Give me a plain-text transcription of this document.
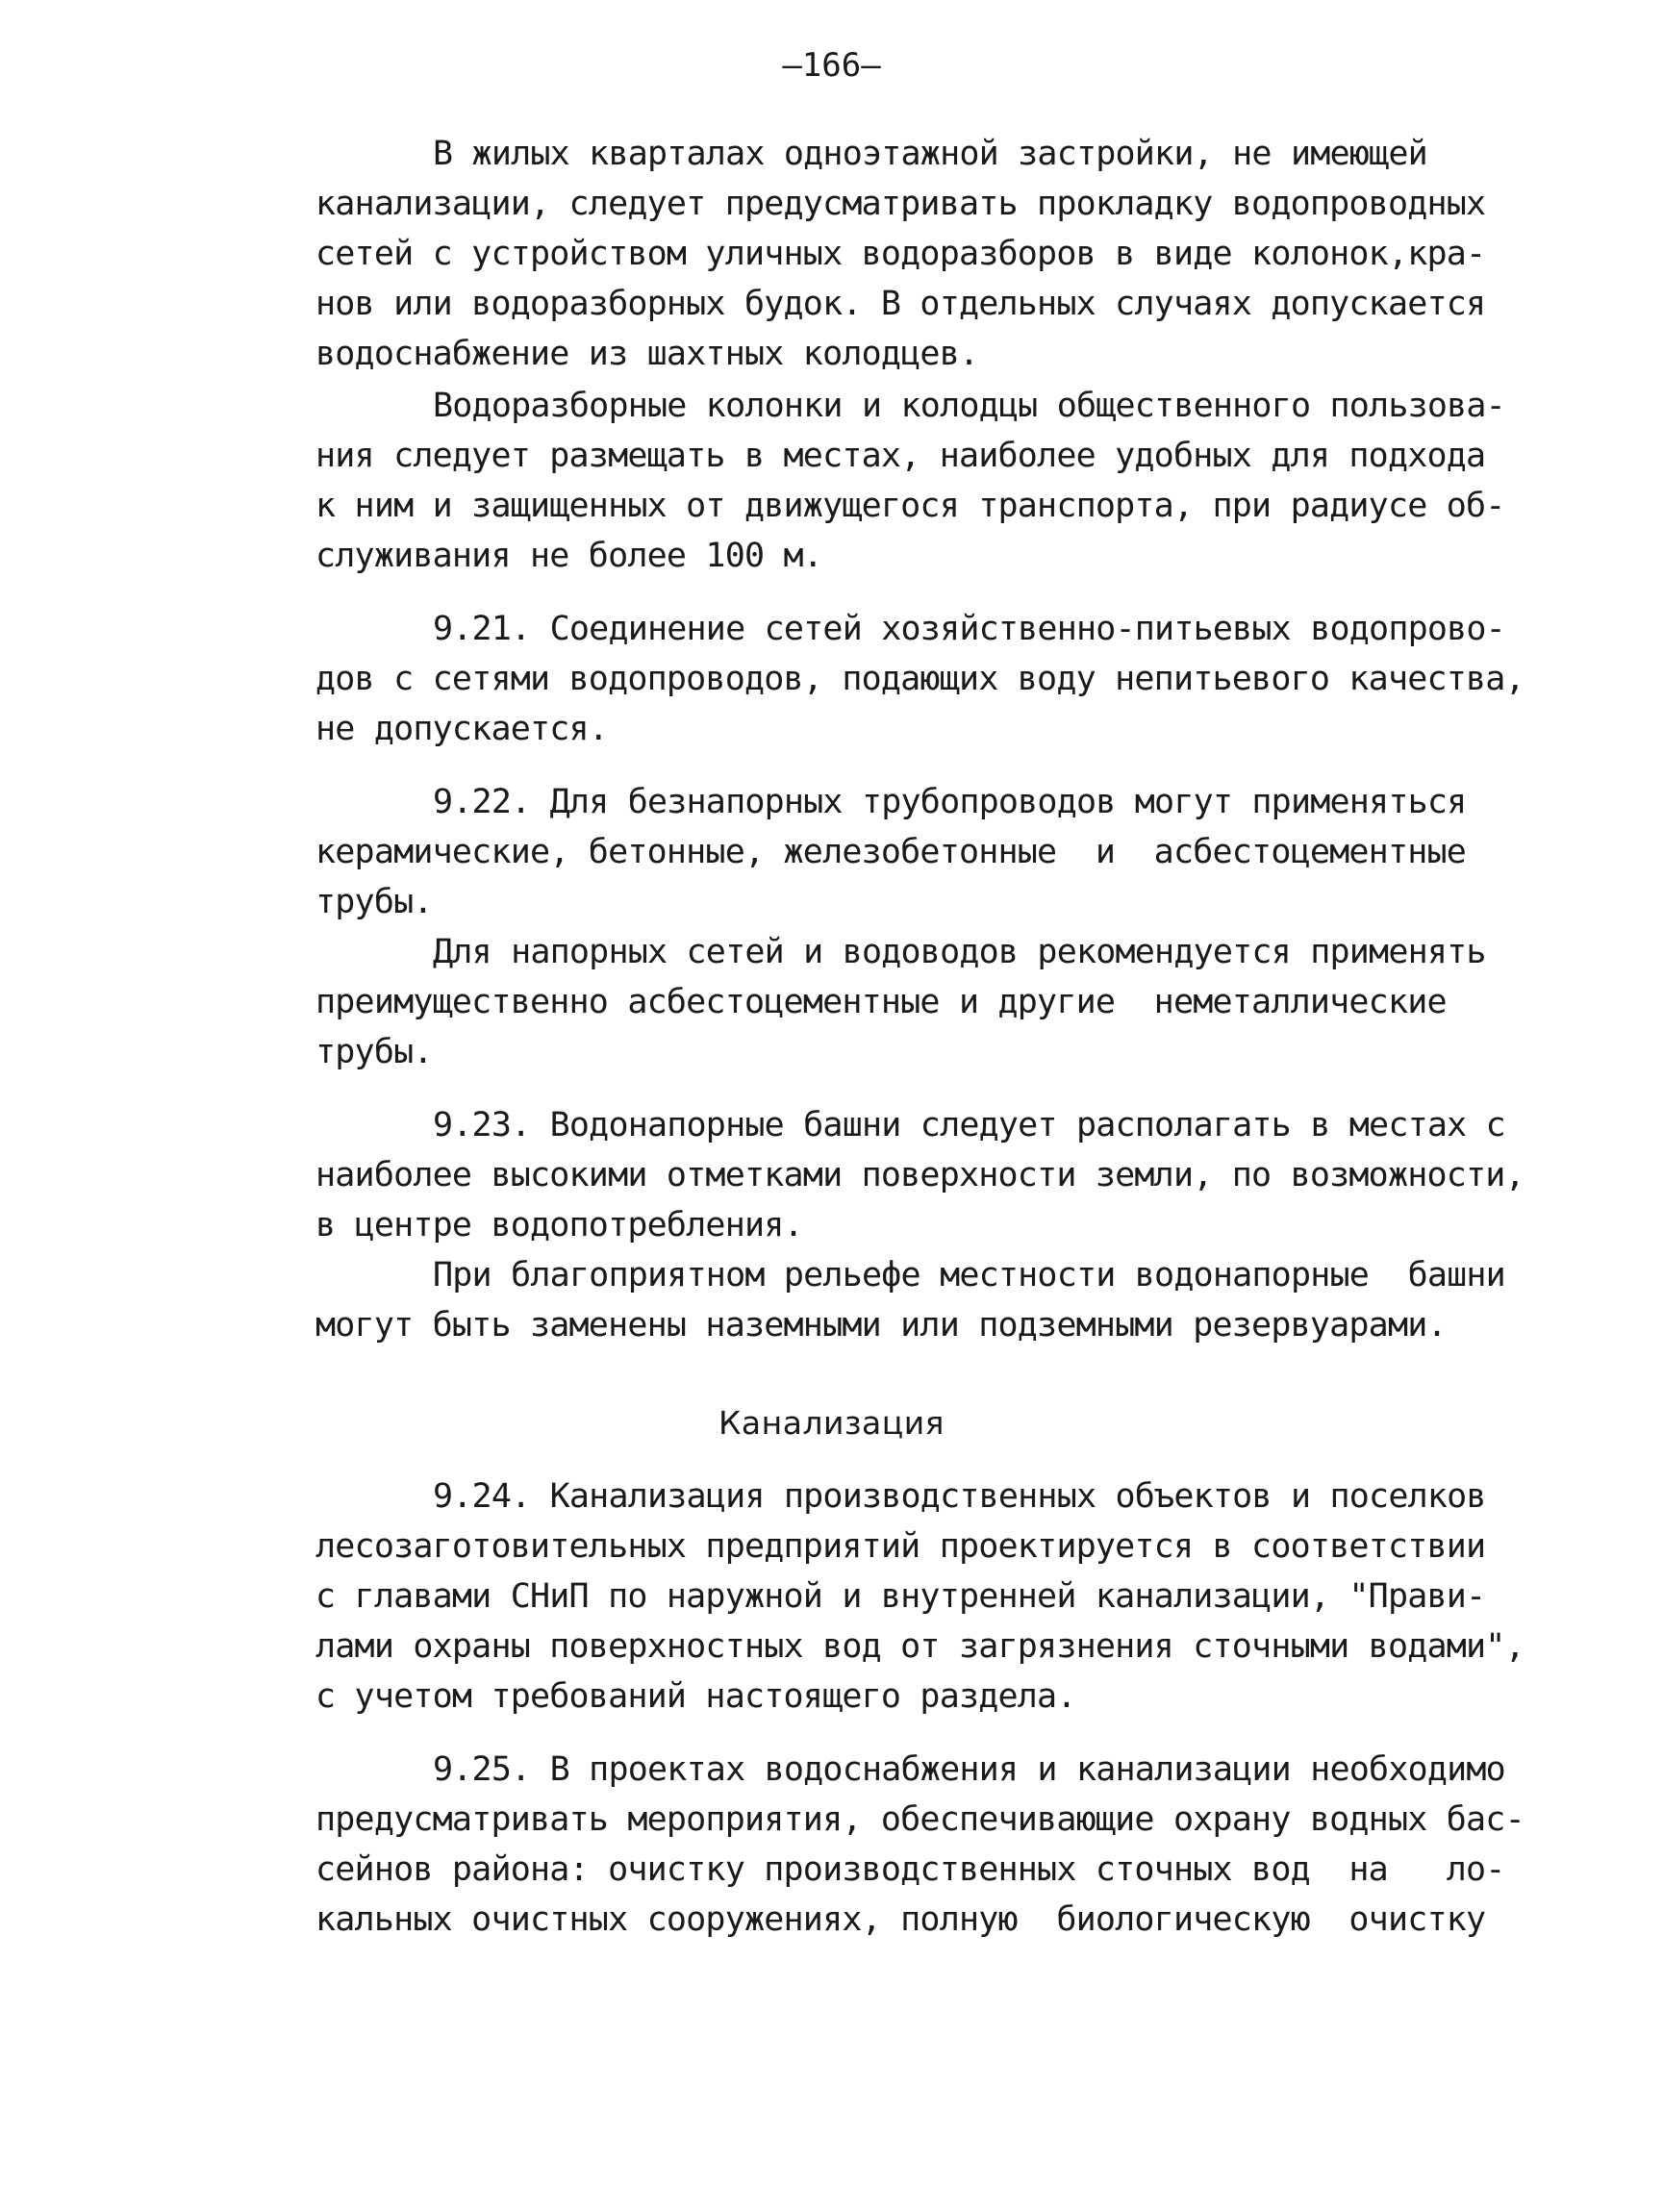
—166—
В жилых кварталах одноэтажной застройки, не имеющей
канализации, следует предусматривать прокладку водопроводных
сетей с устройством уличных водоразборов в виде колонок,кра-
нов или водоразборных будок. В отдельных случаях допускается
водоснабжение из шахтных колодцев.
Водоразборные колонки и колодцы общественного пользова-
ния следует размещать в местах, наиболее удобных для подхода
к ним и защищенных от движущегося транспорта, при радиусе об-
служивания не более 100 м.
9.21. Соединение сетей хозяйственно-питьевых водопрово-
дов с сетями водопроводов, подающих воду непитьевого качества,
не допускается.
9.22. Для безнапорных трубопроводов могут применяться
керамические, бетонные, железобетонные  и  асбестоцементные
трубы.
Для напорных сетей и водоводов рекомендуется применять
преимущественно асбестоцементные и другие  неметаллические
трубы.
9.23. Водонапорные башни следует располагать в местах с
наиболее высокими отметками поверхности земли, по возможности,
в центре водопотребления.
При благоприятном рельефе местности водонапорные  башни
могут быть заменены наземными или подземными резервуарами.
Канализация
9.24. Канализация производственных объектов и поселков
лесозаготовительных предприятий проектируется в соответствии
с главами СНиП по наружной и внутренней канализации, "Прави-
лами охраны поверхностных вод от загрязнения сточными водами",
с учетом требований настоящего раздела.
9.25. В проектах водоснабжения и канализации необходимо
предусматривать мероприятия, обеспечивающие охрану водных бас-
сейнов района: очистку производственных сточных вод  на   ло-
кальных очистных сооружениях, полную  биологическую  очистку
